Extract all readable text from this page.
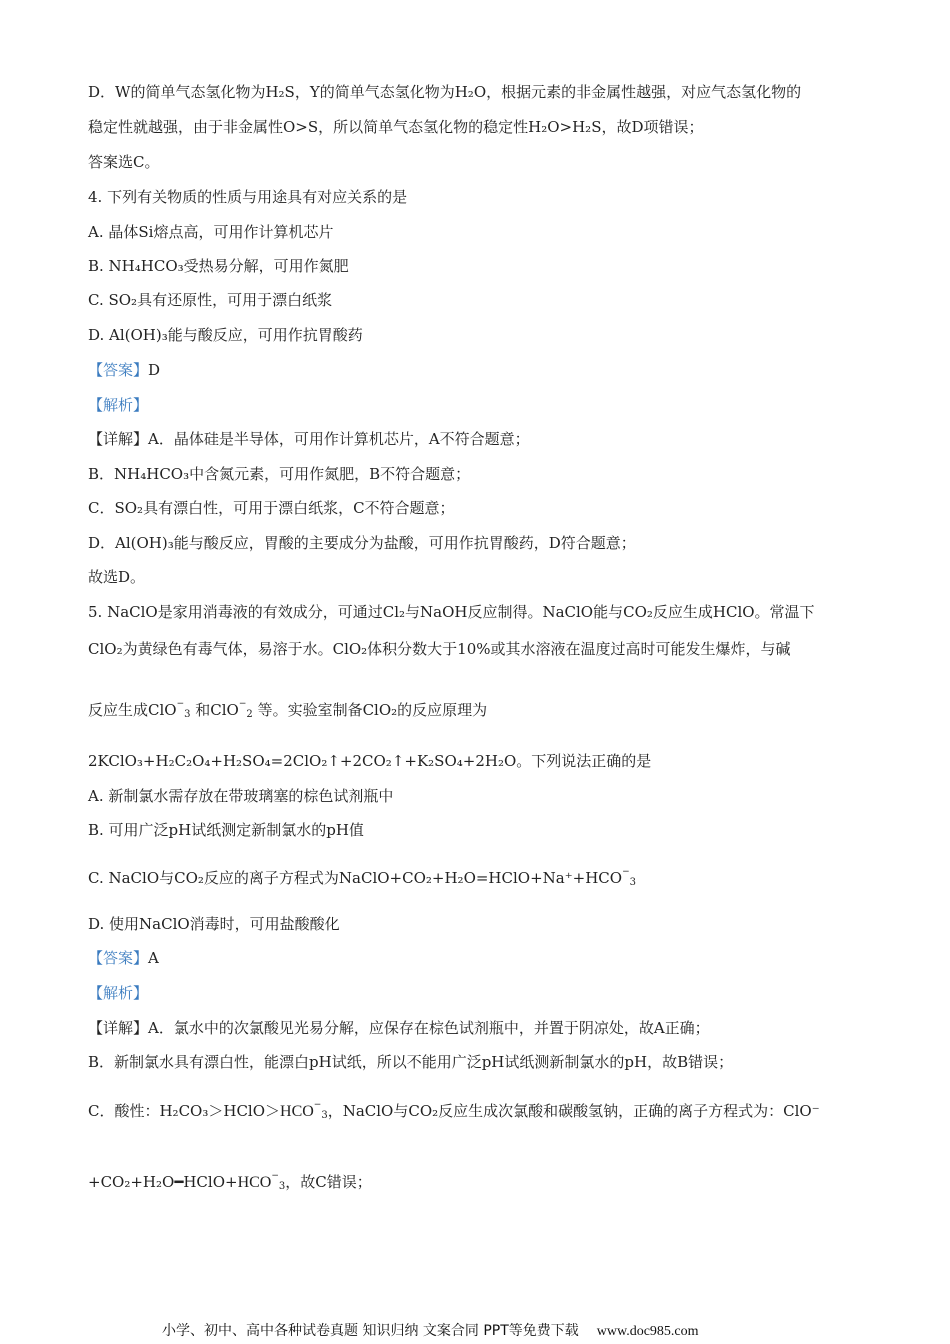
D．W的简单气态氢化物为H₂S，Y的简单气态氢化物为H₂O，根据元素的非金属性越强，对应气态氢化物的
稳定性就越强，由于非金属性O>S，所以简单气态氢化物的稳定性H₂O>H₂S，故D项错误；
答案选C。
4. 下列有关物质的性质与用途具有对应关系的是
A. 晶体Si熔点高，可用作计算机芯片
B. NH₄HCO₃受热易分解，可用作氮肥
C. SO₂具有还原性，可用于漂白纸浆
D. Al(OH)₃能与酸反应，可用作抗胃酸药
【答案】D
【解析】
【详解】A．晶体硅是半导体，可用作计算机芯片，A不符合题意；
B．NH₄HCO₃中含氮元素，可用作氮肥，B不符合题意；
C．SO₂具有漂白性，可用于漂白纸浆，C不符合题意；
D．Al(OH)₃能与酸反应，胃酸的主要成分为盐酸，可用作抗胃酸药，D符合题意；
故选D。
5. NaClO是家用消毒液的有效成分，可通过Cl₂与NaOH反应制得。NaClO能与CO₂反应生成HClO。常温下
ClO₂为黄绿色有毒气体，易溶于水。ClO₂体积分数大于10%或其水溶液在温度过高时可能发生爆炸，与碱
反应生成ClO−$_3$ 和ClO−$_2$ 等。实验室制备ClO₂的反应原理为
2KClO₃+H₂C₂O₄+H₂SO₄=2ClO₂↑+2CO₂↑+K₂SO₄+2H₂O。下列说法正确的是
A. 新制氯水需存放在带玻璃塞的棕色试剂瓶中
B. 可用广泛pH试纸测定新制氯水的pH值
C. NaClO与CO₂反应的离子方程式为$NaClO+CO_2+H_2O=HClO+Na^++HCO^-_3$
D. 使用NaClO消毒时，可用盐酸酸化
【答案】A
【解析】
【详解】A．氯水中的次氯酸见光易分解，应保存在棕色试剂瓶中，并置于阴凉处，故A正确；
B．新制氯水具有漂白性，能漂白pH试纸，所以不能用广泛pH试纸测新制氯水的pH，故B错误；
C．酸性：$H_2CO_3>HClO>HCO^-_3$，NaClO与CO₂反应生成次氯酸和碳酸氢钠，正确的离子方程式为：ClO⁻
$+CO_2+H_2O━HClO+HCO^-_3$，故C错误；
小学、初中、高中各种试卷真题 知识归纳 文案合同 PPT等免费下载 www.doc985.com
